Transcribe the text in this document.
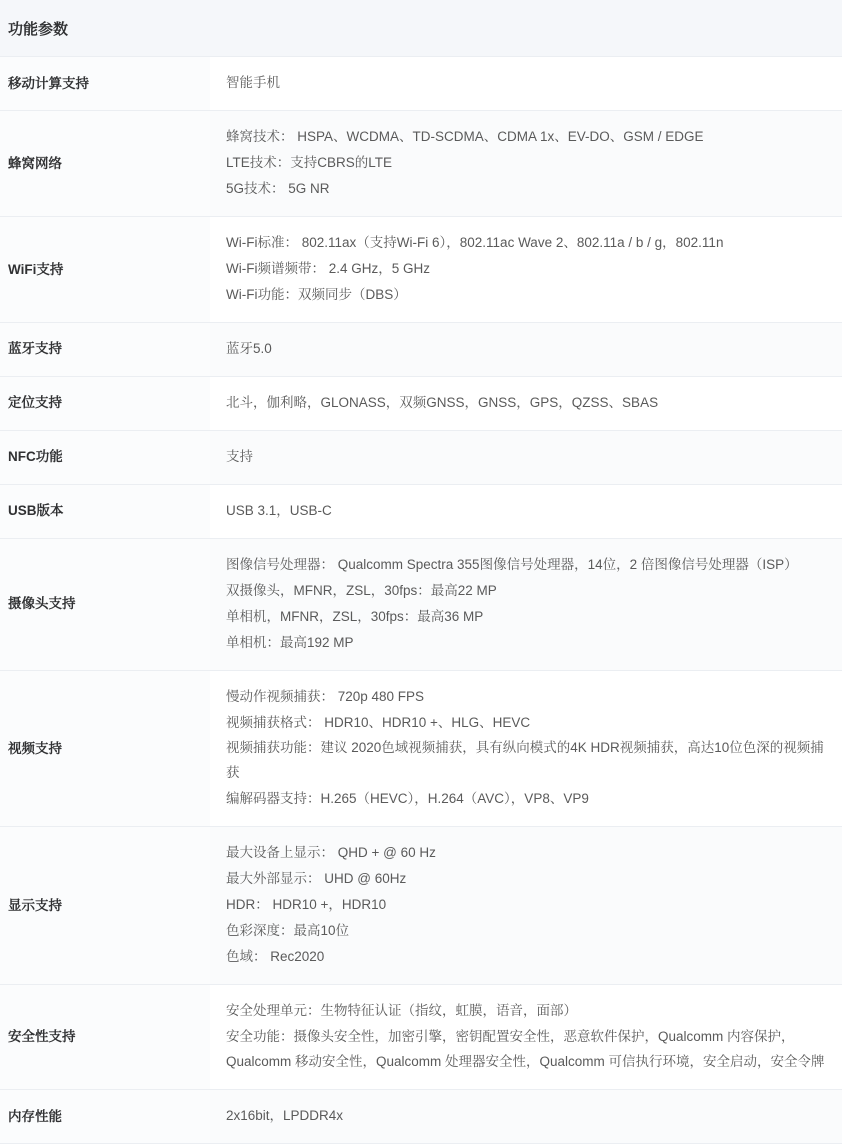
功能参数	
移动计算支持	智能手机

蜂窝网络	蜂窝技术： HSPA、WCDMA、TD-SCDMA、CDMA 1x、EV-DO、GSM / EDGE
LTE技术：支持CBRS的LTE
5G技术： 5G NR

WiFi支持	Wi-Fi标准： 802.11ax（支持Wi-Fi 6），802.11ac Wave 2、802.11a / b / g，802.11n
Wi-Fi频谱频带： 2.4 GHz，5 GHz
Wi-Fi功能：双频同步（DBS）

蓝牙支持	蓝牙5.0

定位支持	北斗，伽利略，GLONASS，双频GNSS，GNSS，GPS，QZSS、SBAS

NFC功能	支持

USB版本	USB 3.1，USB-C

摄像头支持	图像信号处理器： Qualcomm Spectra 355图像信号处理器，14位，2 倍图像信号处理器（ISP）
双摄像头，MFNR，ZSL，30fps：最高22 MP
单相机，MFNR，ZSL，30fps：最高36 MP
单相机：最高192 MP

视频支持	慢动作视频捕获： 720p 480 FPS
视频捕获格式： HDR10、HDR10 +、HLG、HEVC
视频捕获功能：建议 2020色域视频捕获，具有纵向模式的4K HDR视频捕获，高达10位色深的视频捕获
编解码器支持：H.265（HEVC），H.264（AVC），VP8、VP9

显示支持	最大设备上显示： QHD + @ 60 Hz
最大外部显示： UHD @ 60Hz
HDR： HDR10 +，HDR10
色彩深度：最高10位
色域： Rec2020

安全性支持	安全处理单元：生物特征认证（指纹，虹膜，语音，面部）
安全功能：摄像头安全性，加密引擎，密钥配置安全性，恶意软件保护，Qualcomm 内容保护，Qualcomm 移动安全性，Qualcomm 处理器安全性，Qualcomm 可信执行环境，安全启动，安全令牌

内存性能	2x16bit，LPDDR4x
